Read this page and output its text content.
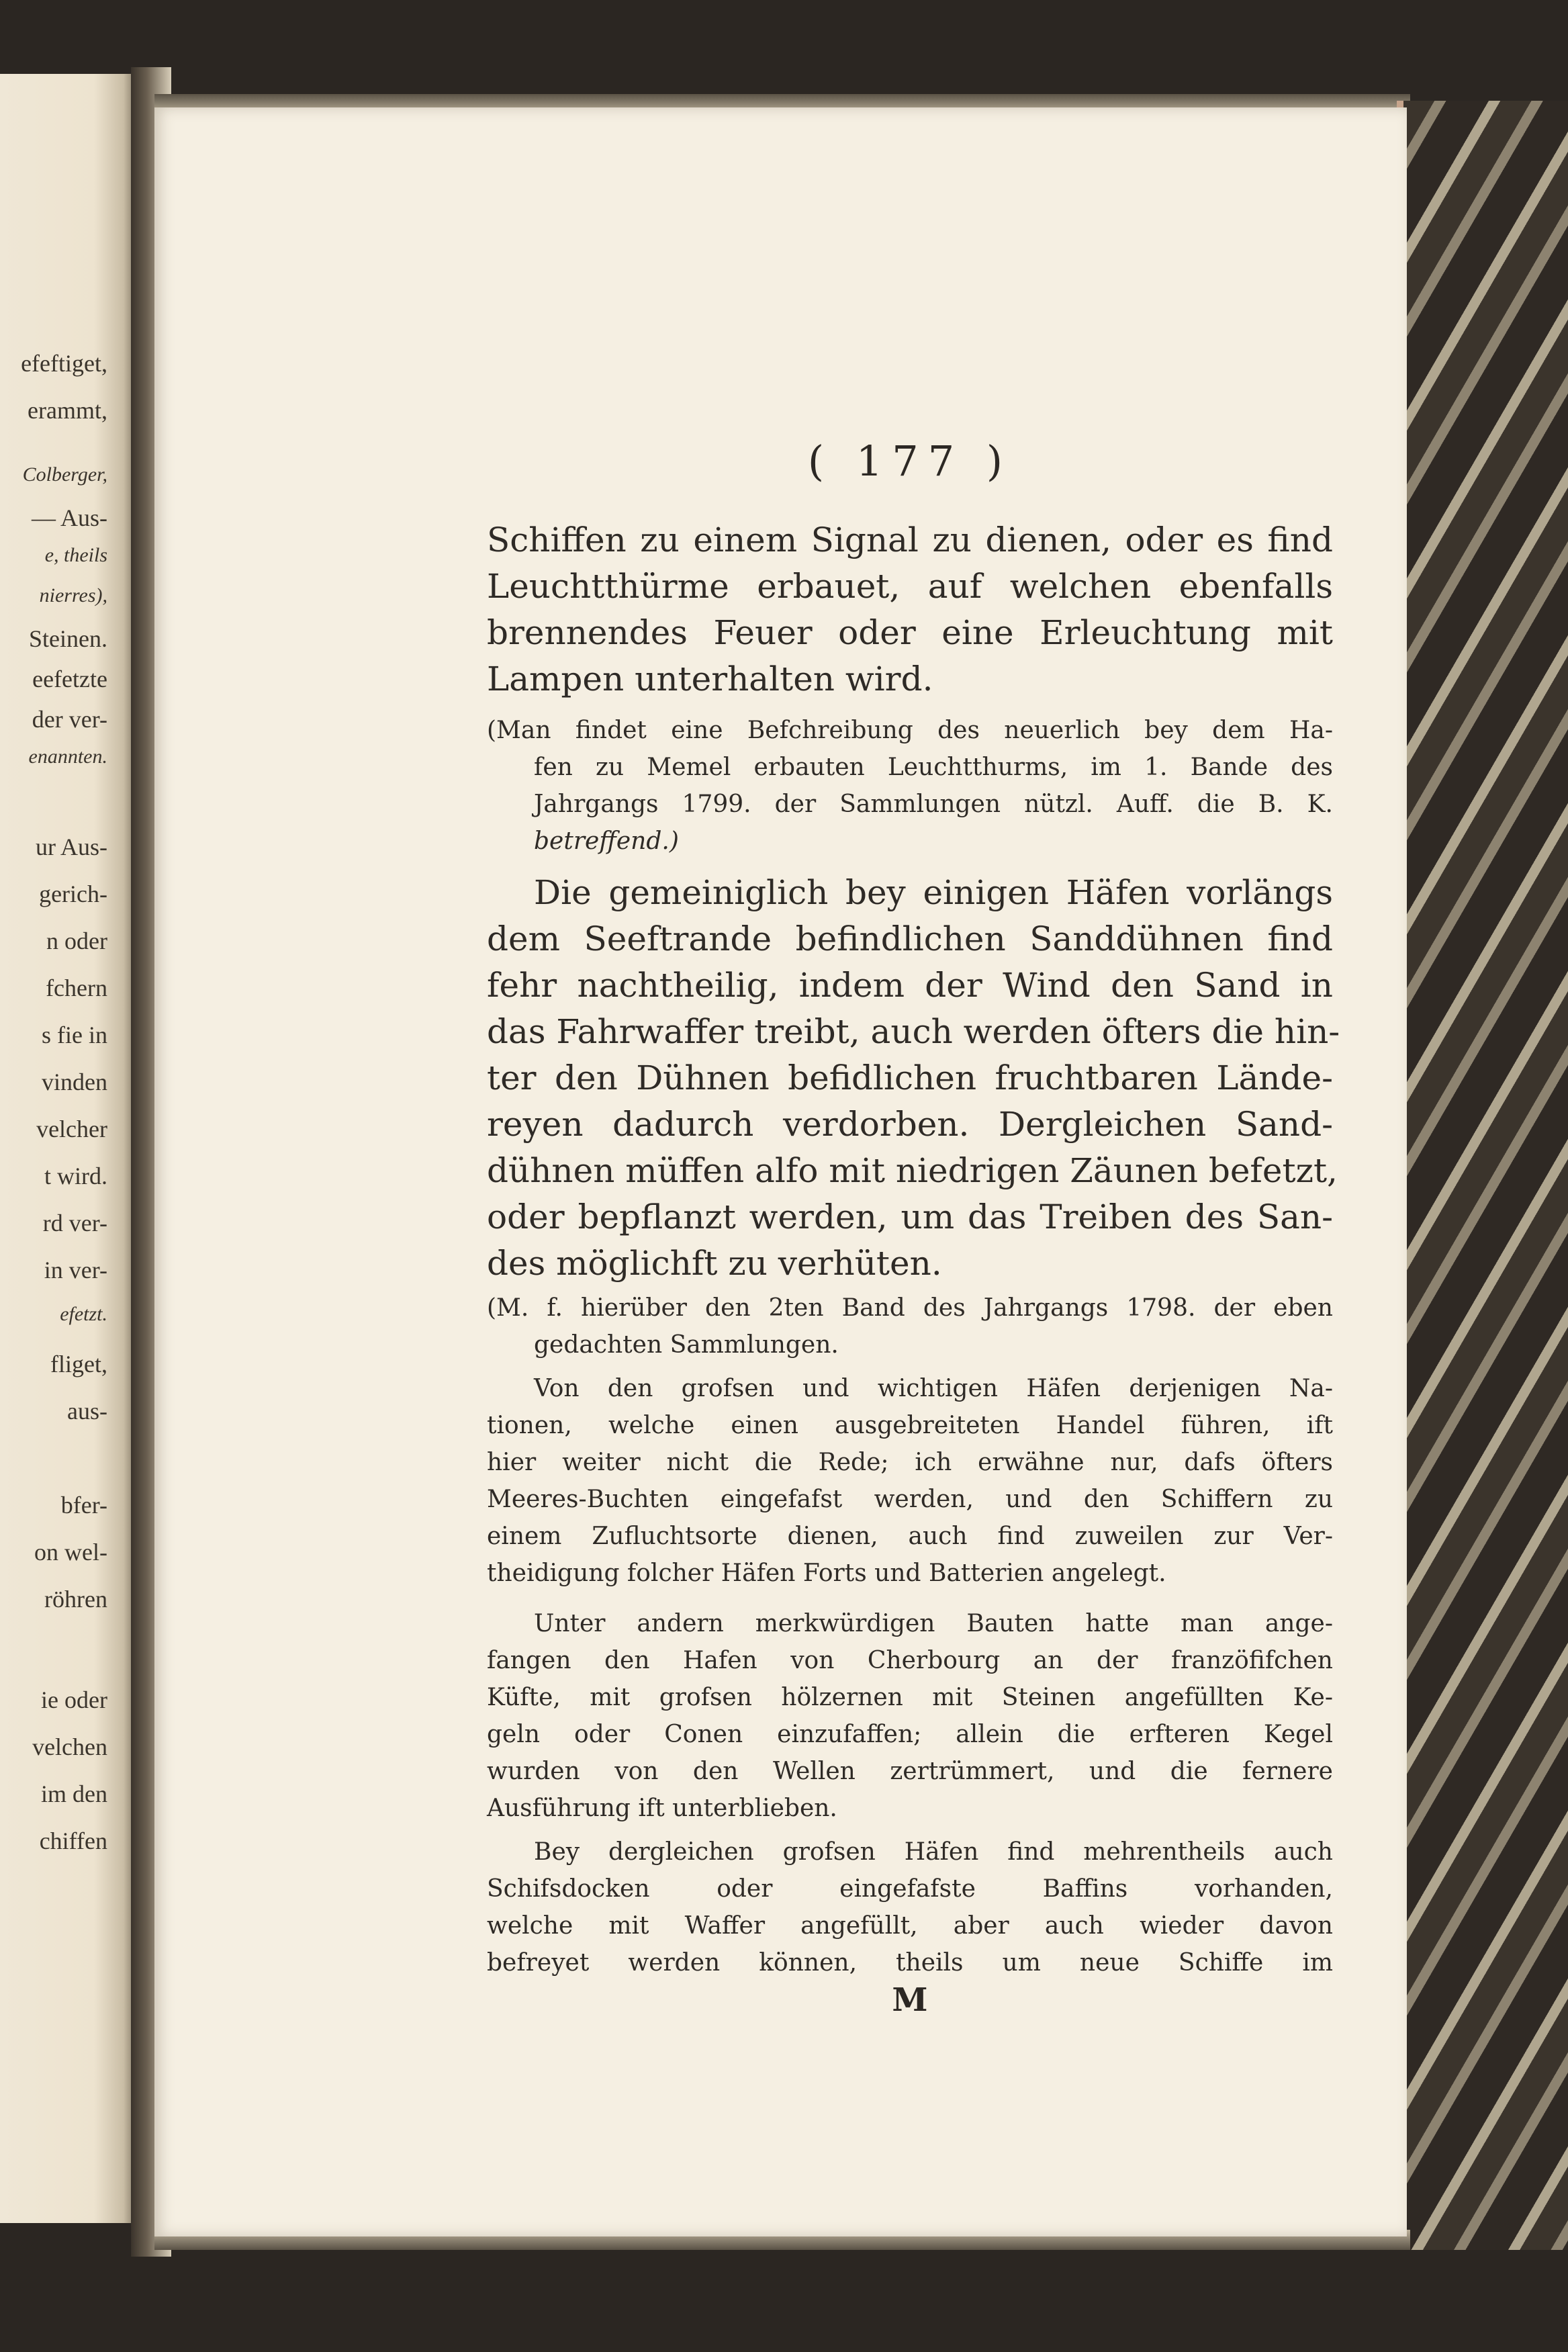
efeftiget,
erammt,
Colberger,
— Aus-
e, theils
nierres),
Steinen.
eefetzte
der ver-
enannten.
ur Aus-
gerich-
n oder
fchern
s fie in
vinden
velcher
t wird.
rd ver-
in ver-
efetzt.
fliget,
aus-
bfer-
on wel-
röhren
ie oder
velchen
im den
chiffen
( 177 )
Schiffen zu einem Signal zu dienen, oder es find
Leuchtthürme erbauet, auf welchen ebenfalls
brennendes Feuer oder eine Erleuchtung mit
Lampen unterhalten wird.
(Man findet eine Befchreibung des neuerlich bey dem Ha-
fen zu Memel erbauten Leuchtthurms, im 1. Bande des
Jahrgangs 1799. der Sammlungen nützl. Auff. die B. K.
betreffend.)
Die gemeiniglich bey einigen Häfen vorlängs
dem Seeftrande befindlichen Sanddühnen find
fehr nachtheilig, indem der Wind den Sand in
das Fahrwaffer treibt, auch werden öfters die hin-
ter den Dühnen befidlichen fruchtbaren Lände-
reyen dadurch verdorben. Dergleichen Sand-
dühnen müffen alfo mit niedrigen Zäunen befetzt,
oder bepflanzt werden, um das Treiben des San-
des möglichft zu verhüten.
(M. f. hierüber den 2ten Band des Jahrgangs 1798. der eben
gedachten Sammlungen.
Von den grofsen und wichtigen Häfen derjenigen Na-
tionen, welche einen ausgebreiteten Handel führen, ift
hier weiter nicht die Rede; ich erwähne nur, dafs öfters
Meeres-Buchten eingefafst werden, und den Schiffern zu
einem Zufluchtsorte dienen, auch find zuweilen zur Ver-
theidigung folcher Häfen Forts und Batterien angelegt.
Unter andern merkwürdigen Bauten hatte man ange-
fangen den Hafen von Cherbourg an der franzöfifchen
Küfte, mit grofsen hölzernen mit Steinen angefüllten Ke-
geln oder Conen einzufaffen; allein die erfteren Kegel
wurden von den Wellen zertrümmert, und die fernere
Ausführung ift unterblieben.
Bey dergleichen grofsen Häfen find mehrentheils auch
Schifsdocken oder eingefafste Baffins vorhanden,
welche mit Waffer angefüllt, aber auch wieder davon
befreyet werden können, theils um neue Schiffe im
M
